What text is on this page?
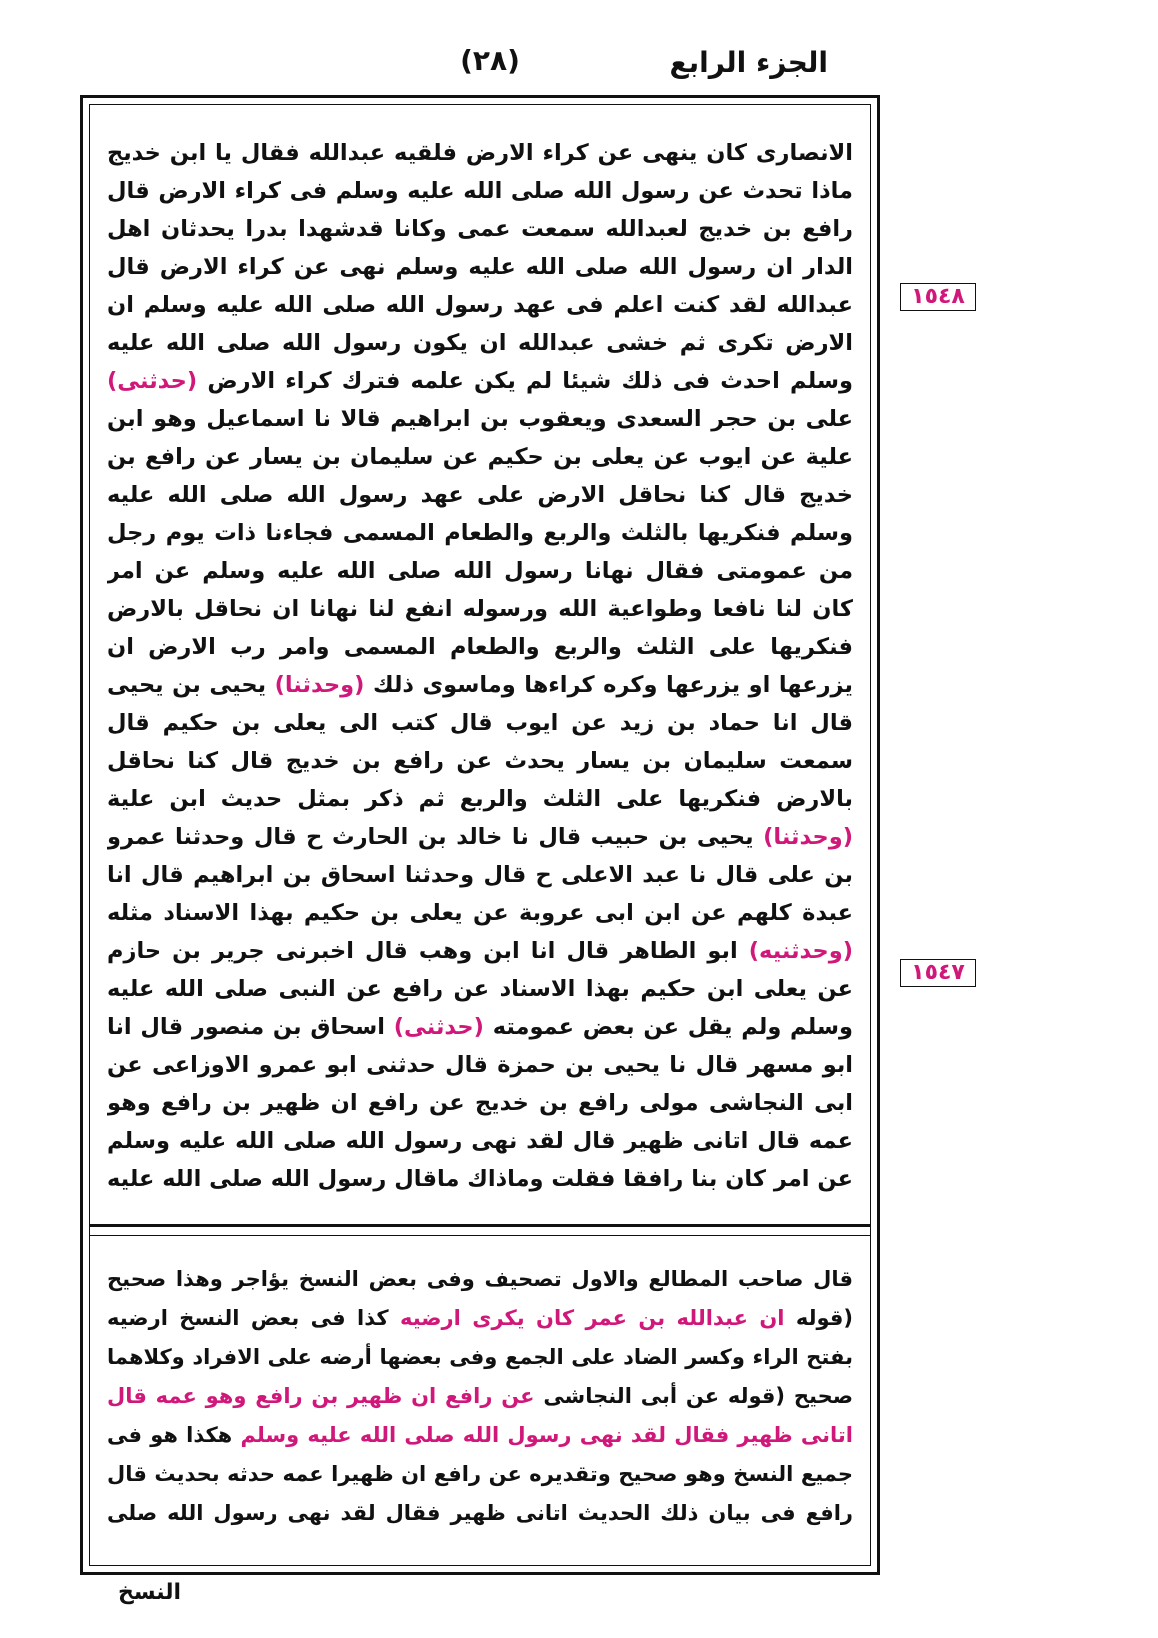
الجزء الرابع
(٢٨)
الانصارى كان ينهى عن كراء الارض فلقيه عبدالله فقال يا ابن خديج ماذا تحدث عن رسول الله صلى الله عليه وسلم فى كراء الارض قال رافع بن خديج لعبدالله سمعت عمى وكانا قدشهدا بدرا يحدثان اهل الدار ان رسول الله صلى الله عليه وسلم نهى عن كراء الارض قال عبدالله لقد كنت اعلم فى عهد رسول الله صلى الله عليه وسلم ان الارض تكرى ثم خشى عبدالله ان يكون رسول الله صلى الله عليه وسلم احدث فى ذلك شيئا لم يكن علمه فترك كراء الارض (حدثنى) على بن حجر السعدى ويعقوب بن ابراهيم قالا نا اسماعيل وهو ابن علية عن ايوب عن يعلى بن حكيم عن سليمان بن يسار عن رافع بن خديج قال كنا نحاقل الارض على عهد رسول الله صلى الله عليه وسلم فنكريها بالثلث والربع والطعام المسمى فجاءنا ذات يوم رجل من عمومتى فقال نهانا رسول الله صلى الله عليه وسلم عن امر كان لنا نافعا وطواعية الله ورسوله انفع لنا نهانا ان نحاقل بالارض فنكريها على الثلث والربع والطعام المسمى وامر رب الارض ان يزرعها او يزرعها وكره كراءها وماسوى ذلك (وحدثنا) يحيى بن يحيى قال انا حماد بن زيد عن ايوب قال كتب الى يعلى بن حكيم قال سمعت سليمان بن يسار يحدث عن رافع بن خديج قال كنا نحاقل بالارض فنكريها على الثلث والربع ثم ذكر بمثل حديث ابن علية (وحدثنا) يحيى بن حبيب قال نا خالد بن الحارث ح قال وحدثنا عمرو بن على قال نا عبد الاعلى ح قال وحدثنا اسحاق بن ابراهيم قال انا عبدة كلهم عن ابن ابى عروبة عن يعلى بن حكيم بهذا الاسناد مثله (وحدثنيه) ابو الطاهر قال انا ابن وهب قال اخبرنى جرير بن حازم عن يعلى ابن حكيم بهذا الاسناد عن رافع عن النبى صلى الله عليه وسلم ولم يقل عن بعض عمومته (حدثنى) اسحاق بن منصور قال انا ابو مسهر قال نا يحيى بن حمزة قال حدثنى ابو عمرو الاوزاعى عن ابى النجاشى مولى رافع بن خديج عن رافع ان ظهير بن رافع وهو عمه قال اتانى ظهير قال لقد نهى رسول الله صلى الله عليه وسلم عن امر كان بنا رافقا فقلت وماذاك ماقال رسول الله صلى الله عليه

قال صاحب المطالع والاول تصحيف وفى بعض النسخ يؤاجر وهذا صحيح (قوله ان عبدالله بن عمر كان يكرى ارضيه كذا فى بعض النسخ ارضيه بفتح الراء وكسر الضاد على الجمع وفى بعضها أرضه على الافراد وكلاهما صحيح (قوله عن أبى النجاشى عن رافع ان ظهير بن رافع وهو عمه قال اتانى ظهير فقال لقد نهى رسول الله صلى الله عليه وسلم هكذا هو فى جميع النسخ وهو صحيح وتقديره عن رافع ان ظهيرا عمه حدثه بحديث قال رافع فى بيان ذلك الحديث اتانى ظهير فقال لقد نهى رسول الله صلى

١٥٤٨
١٥٤٧
النسخ
